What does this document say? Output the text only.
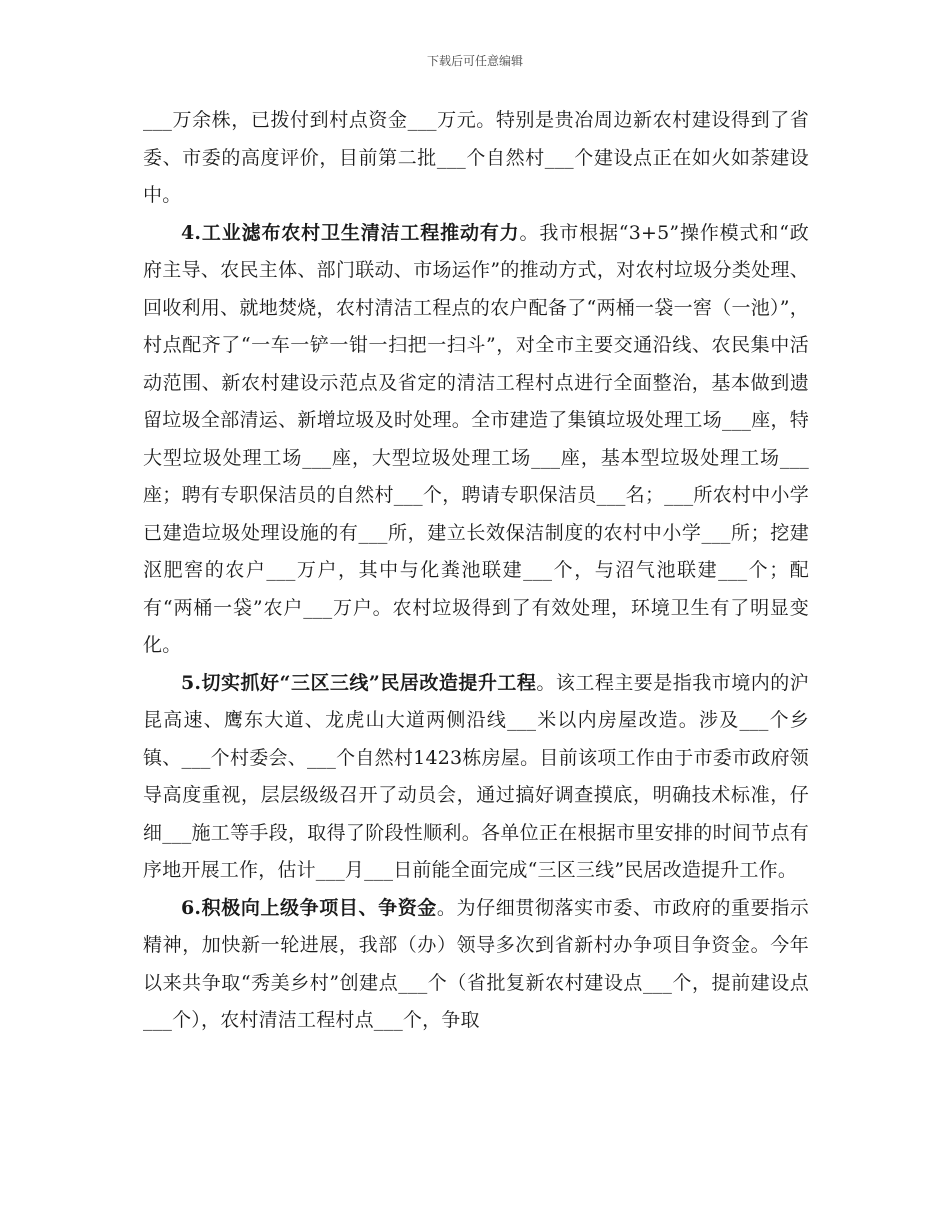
下载后可任意编辑

___万余株，已拨付到村点资金___万元。特别是贵冶周边新农村建设得到了省委、市委的高度评价，目前第二批___个自然村___个建设点正在如火如荼建设中。

4.工业滤布农村卫生清洁工程推动有力。我市根据“3+5”操作模式和“政府主导、农民主体、部门联动、市场运作”的推动方式，对农村垃圾分类处理、回收利用、就地焚烧，农村清洁工程点的农户配备了“两桶一袋一窖（一池）”，村点配齐了“一车一铲一钳一扫把一扫斗”，对全市主要交通沿线、农民集中活动范围、新农村建设示范点及省定的清洁工程村点进行全面整治，基本做到遗留垃圾全部清运、新增垃圾及时处理。全市建造了集镇垃圾处理工场___座，特大型垃圾处理工场___座，大型垃圾处理工场___座，基本型垃圾处理工场___座；聘有专职保洁员的自然村___个，聘请专职保洁员___名；___所农村中小学已建造垃圾处理设施的有___所，建立长效保洁制度的农村中小学___所；挖建沤肥窖的农户___万户，其中与化粪池联建___个，与沼气池联建___个；配有“两桶一袋”农户___万户。农村垃圾得到了有效处理，环境卫生有了明显变化。

5.切实抓好“三区三线”民居改造提升工程。该工程主要是指我市境内的沪昆高速、鹰东大道、龙虎山大道两侧沿线___米以内房屋改造。涉及___个乡镇、___个村委会、___个自然村1423栋房屋。目前该项工作由于市委市政府领导高度重视，层层级级召开了动员会，通过搞好调查摸底，明确技术标准，仔细___施工等手段，取得了阶段性顺利。各单位正在根据市里安排的时间节点有序地开展工作，估计___月___日前能全面完成“三区三线”民居改造提升工作。

6.积极向上级争项目、争资金。为仔细贯彻落实市委、市政府的重要指示精神，加快新一轮进展，我部（办）领导多次到省新村办争项目争资金。今年以来共争取“秀美乡村”创建点___个（省批复新农村建设点___个，提前建设点___个），农村清洁工程村点___个，争取
